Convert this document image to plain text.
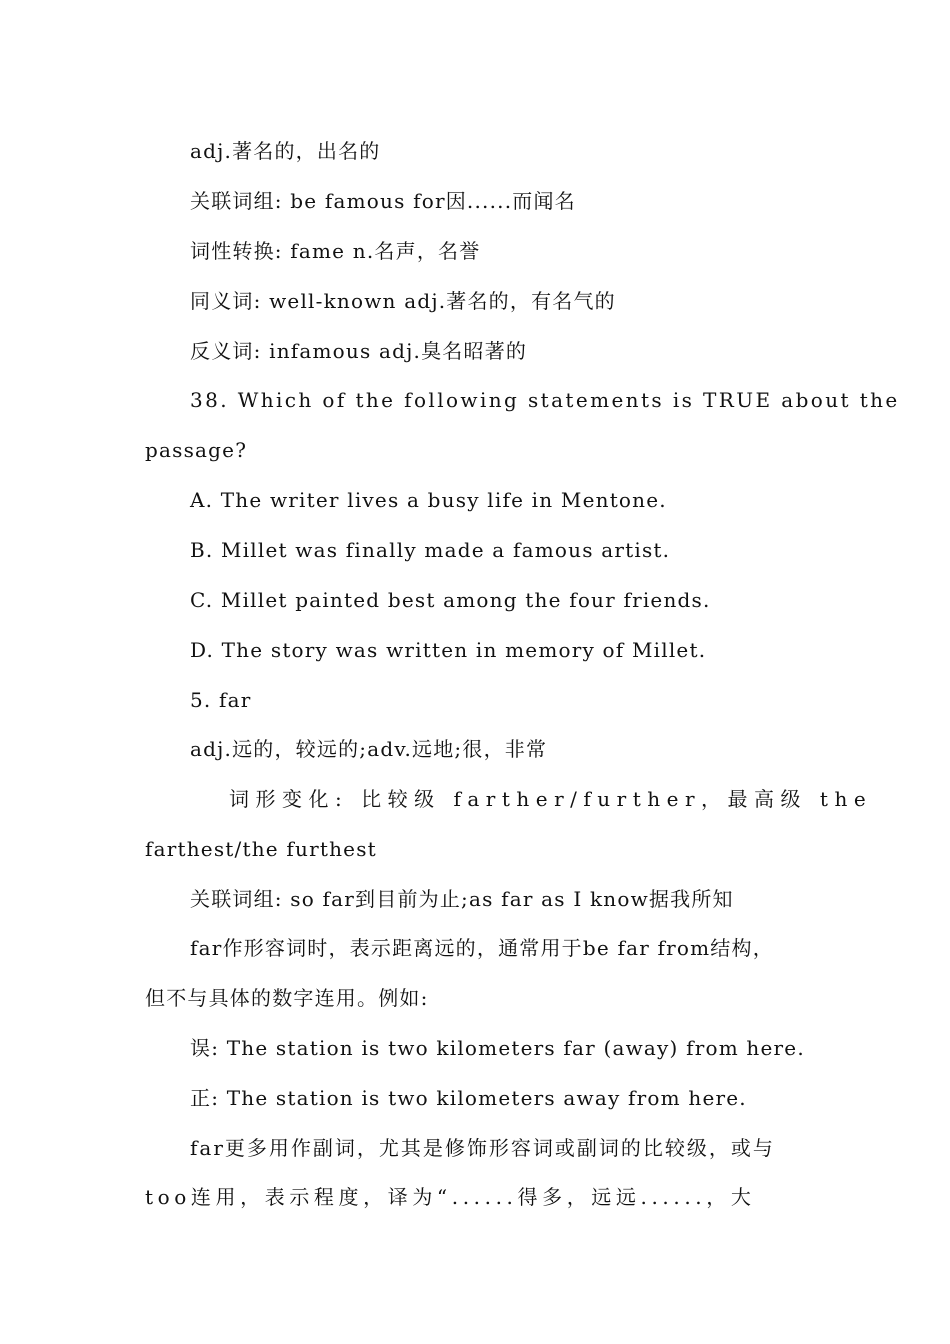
adj.著名的，出名的
关联词组: be famous for因......而闻名
词性转换: fame n.名声，名誉
同义词: well-known adj.著名的，有名气的
反义词: infamous adj.臭名昭著的
38. Which of the following statements is TRUE about the
passage?
A. The writer lives a busy life in Mentone.
B. Millet was finally made a famous artist.
C. Millet painted best among the four friends.
D. The story was written in memory of Millet.
5. far
adj.远的，较远的;adv.远地;很，非常
词形变化: 比较级 farther/further，最高级 the
farthest/the furthest
关联词组: so far到目前为止;as far as I know据我所知
far作形容词时，表示距离远的，通常用于be far from结构，
但不与具体的数字连用。例如:
误: The station is two kilometers far (away) from here.
正: The station is two kilometers away from here.
far更多用作副词，尤其是修饰形容词或副词的比较级，或与
too连用，表示程度，译为“......得多，远远......，大
